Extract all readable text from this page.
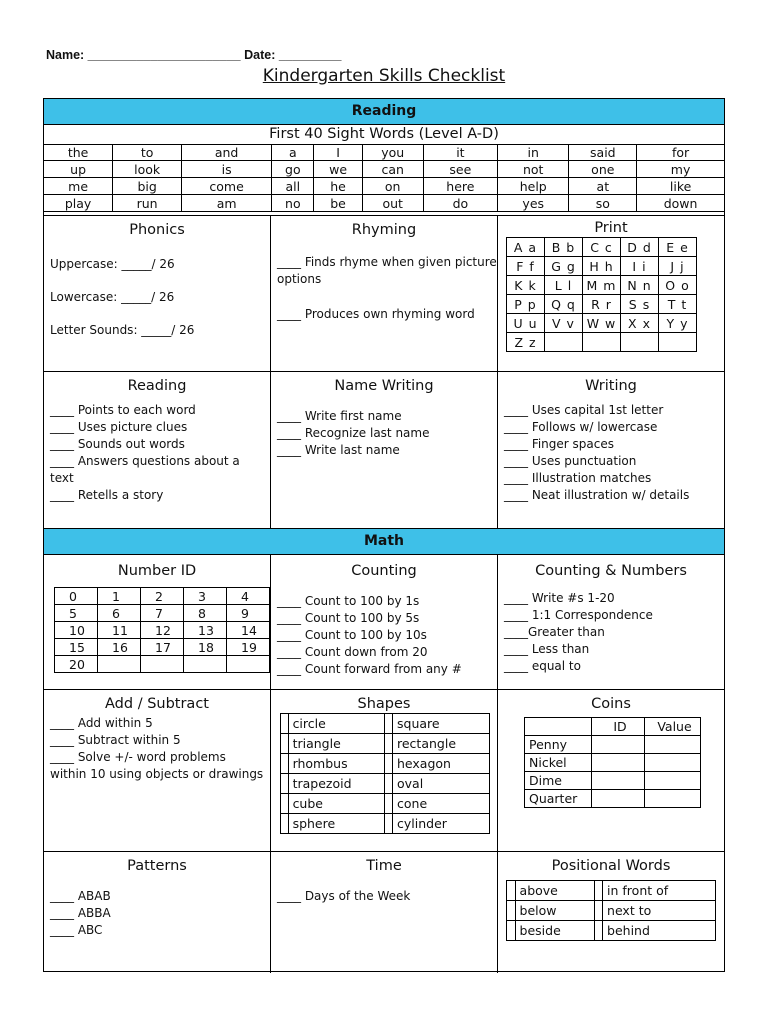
Name: ______________________ Date: _________
Kindergarten Skills Checklist
Reading
First 40 Sight Words (Level A-D)
the	to	and	a	I	you	it	in	said	for
up	look	is	go	we	can	see	not	one	my
me	big	come	all	he	on	here	help	at	like
play	run	am	no	be	out	do	yes	so	down
Phonics
Uppercase: _____/ 26
Lowercase: _____/ 26
Letter Sounds: _____/ 26
Rhyming
____ Finds rhyme when given picture options
____ Produces own rhyming word
Print
A a	B b	C c	D d	E e
F f	G g	H h	I i	J j
K k	L l	M m	N n	O o
P p	Q q	R r	S s	T t
U u	V v	W w	X x	Y y
Z z				
Reading
____ Points to each word
____ Uses picture clues
____ Sounds out words
____ Answers questions about a text
____ Retells a story
Name Writing
____ Write first name
____ Recognize last name
____ Write last name
Writing
____ Uses capital 1st letter
____ Follows w/ lowercase
____ Finger spaces
____ Uses punctuation
____ Illustration matches
____ Neat illustration w/ details
Math
Number ID
0	1	2	3	4
5	6	7	8	9
10	11	12	13	14
15	16	17	18	19
20				
Counting
____ Count to 100 by 1s
____ Count to 100 by 5s
____ Count to 100 by 10s
____ Count down from 20
____ Count forward from any #
Counting & Numbers
____ Write #s 1-20
____ 1:1 Correspondence
____Greater than
____ Less than
____ equal to
Add / Subtract
____ Add within 5
____ Subtract within 5
____ Solve +/- word problems within 10 using objects or drawings
Shapes
	circle		square
	triangle		rectangle
	rhombus		hexagon
	trapezoid		oval
	cube		cone
	sphere		cylinder
Coins
	ID	Value
Penny		
Nickel		
Dime		
Quarter		
Patterns
____ ABAB
____ ABBA
____ ABC
Time
____ Days of the Week
Positional Words
	above		in front of
	below		next to
	beside		behind
